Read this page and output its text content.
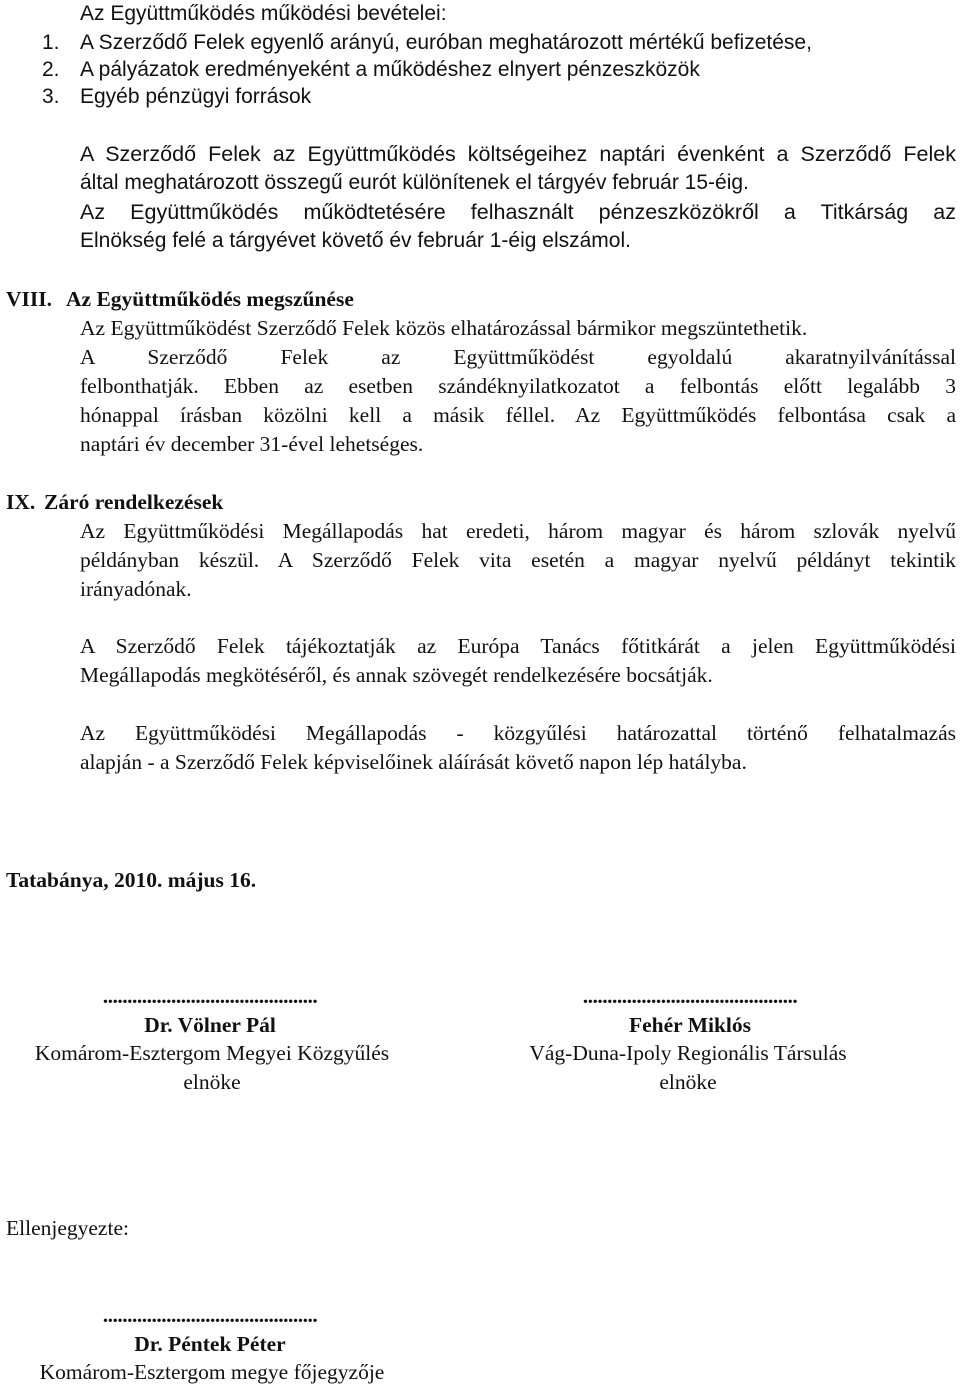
Az Együttműködés működési bevételei:
1. A Szerződő Felek egyenlő arányú, euróban meghatározott mértékű befizetése,
2. A pályázatok eredményeként a működéshez elnyert pénzeszközök
3. Egyéb pénzügyi források
A Szerződő Felek az Együttműködés költségeihez naptári évenként a Szerződő Felek
által meghatározott összegű eurót különítenek el tárgyév február 15-éig.
Az Együttműködés működtetésére felhasznált pénzeszközökről a Titkárság az
Elnökség felé a tárgyévet követő év február 1-éig elszámol.
VIII. Az Együttműködés megszűnése
Az Együttműködést Szerződő Felek közös elhatározással bármikor megszüntethetik.
A Szerződő Felek az Együttműködést egyoldalú akaratnyilvánítással
felbonthatják. Ebben az esetben szándéknyilatkozatot a felbontás előtt legalább 3
hónappal írásban közölni kell a másik féllel. Az Együttműködés felbontása csak a
naptári év december 31-ével lehetséges.
IX. Záró rendelkezések
Az Együttműködési Megállapodás hat eredeti, három magyar és három szlovák nyelvű
példányban készül. A Szerződő Felek vita esetén a magyar nyelvű példányt tekintik
irányadónak.
A Szerződő Felek tájékoztatják az Európa Tanács főtitkárát a jelen Együttműködési
Megállapodás megkötéséről, és annak szövegét rendelkezésére bocsátják.
Az Együttműködési Megállapodás - közgyűlési határozattal történő felhatalmazás
alapján - a Szerződő Felek képviselőinek aláírását követő napon lép hatályba.
Tatabánya, 2010. május 16.
............................................
Dr. Völner Pál
Komárom-Esztergom Megyei Közgyűlés
elnöke
............................................
Fehér Miklós
Vág-Duna-Ipoly Regionális Társulás
elnöke
Ellenjegyezte:
............................................
Dr. Péntek Péter
Komárom-Esztergom megye főjegyzője
